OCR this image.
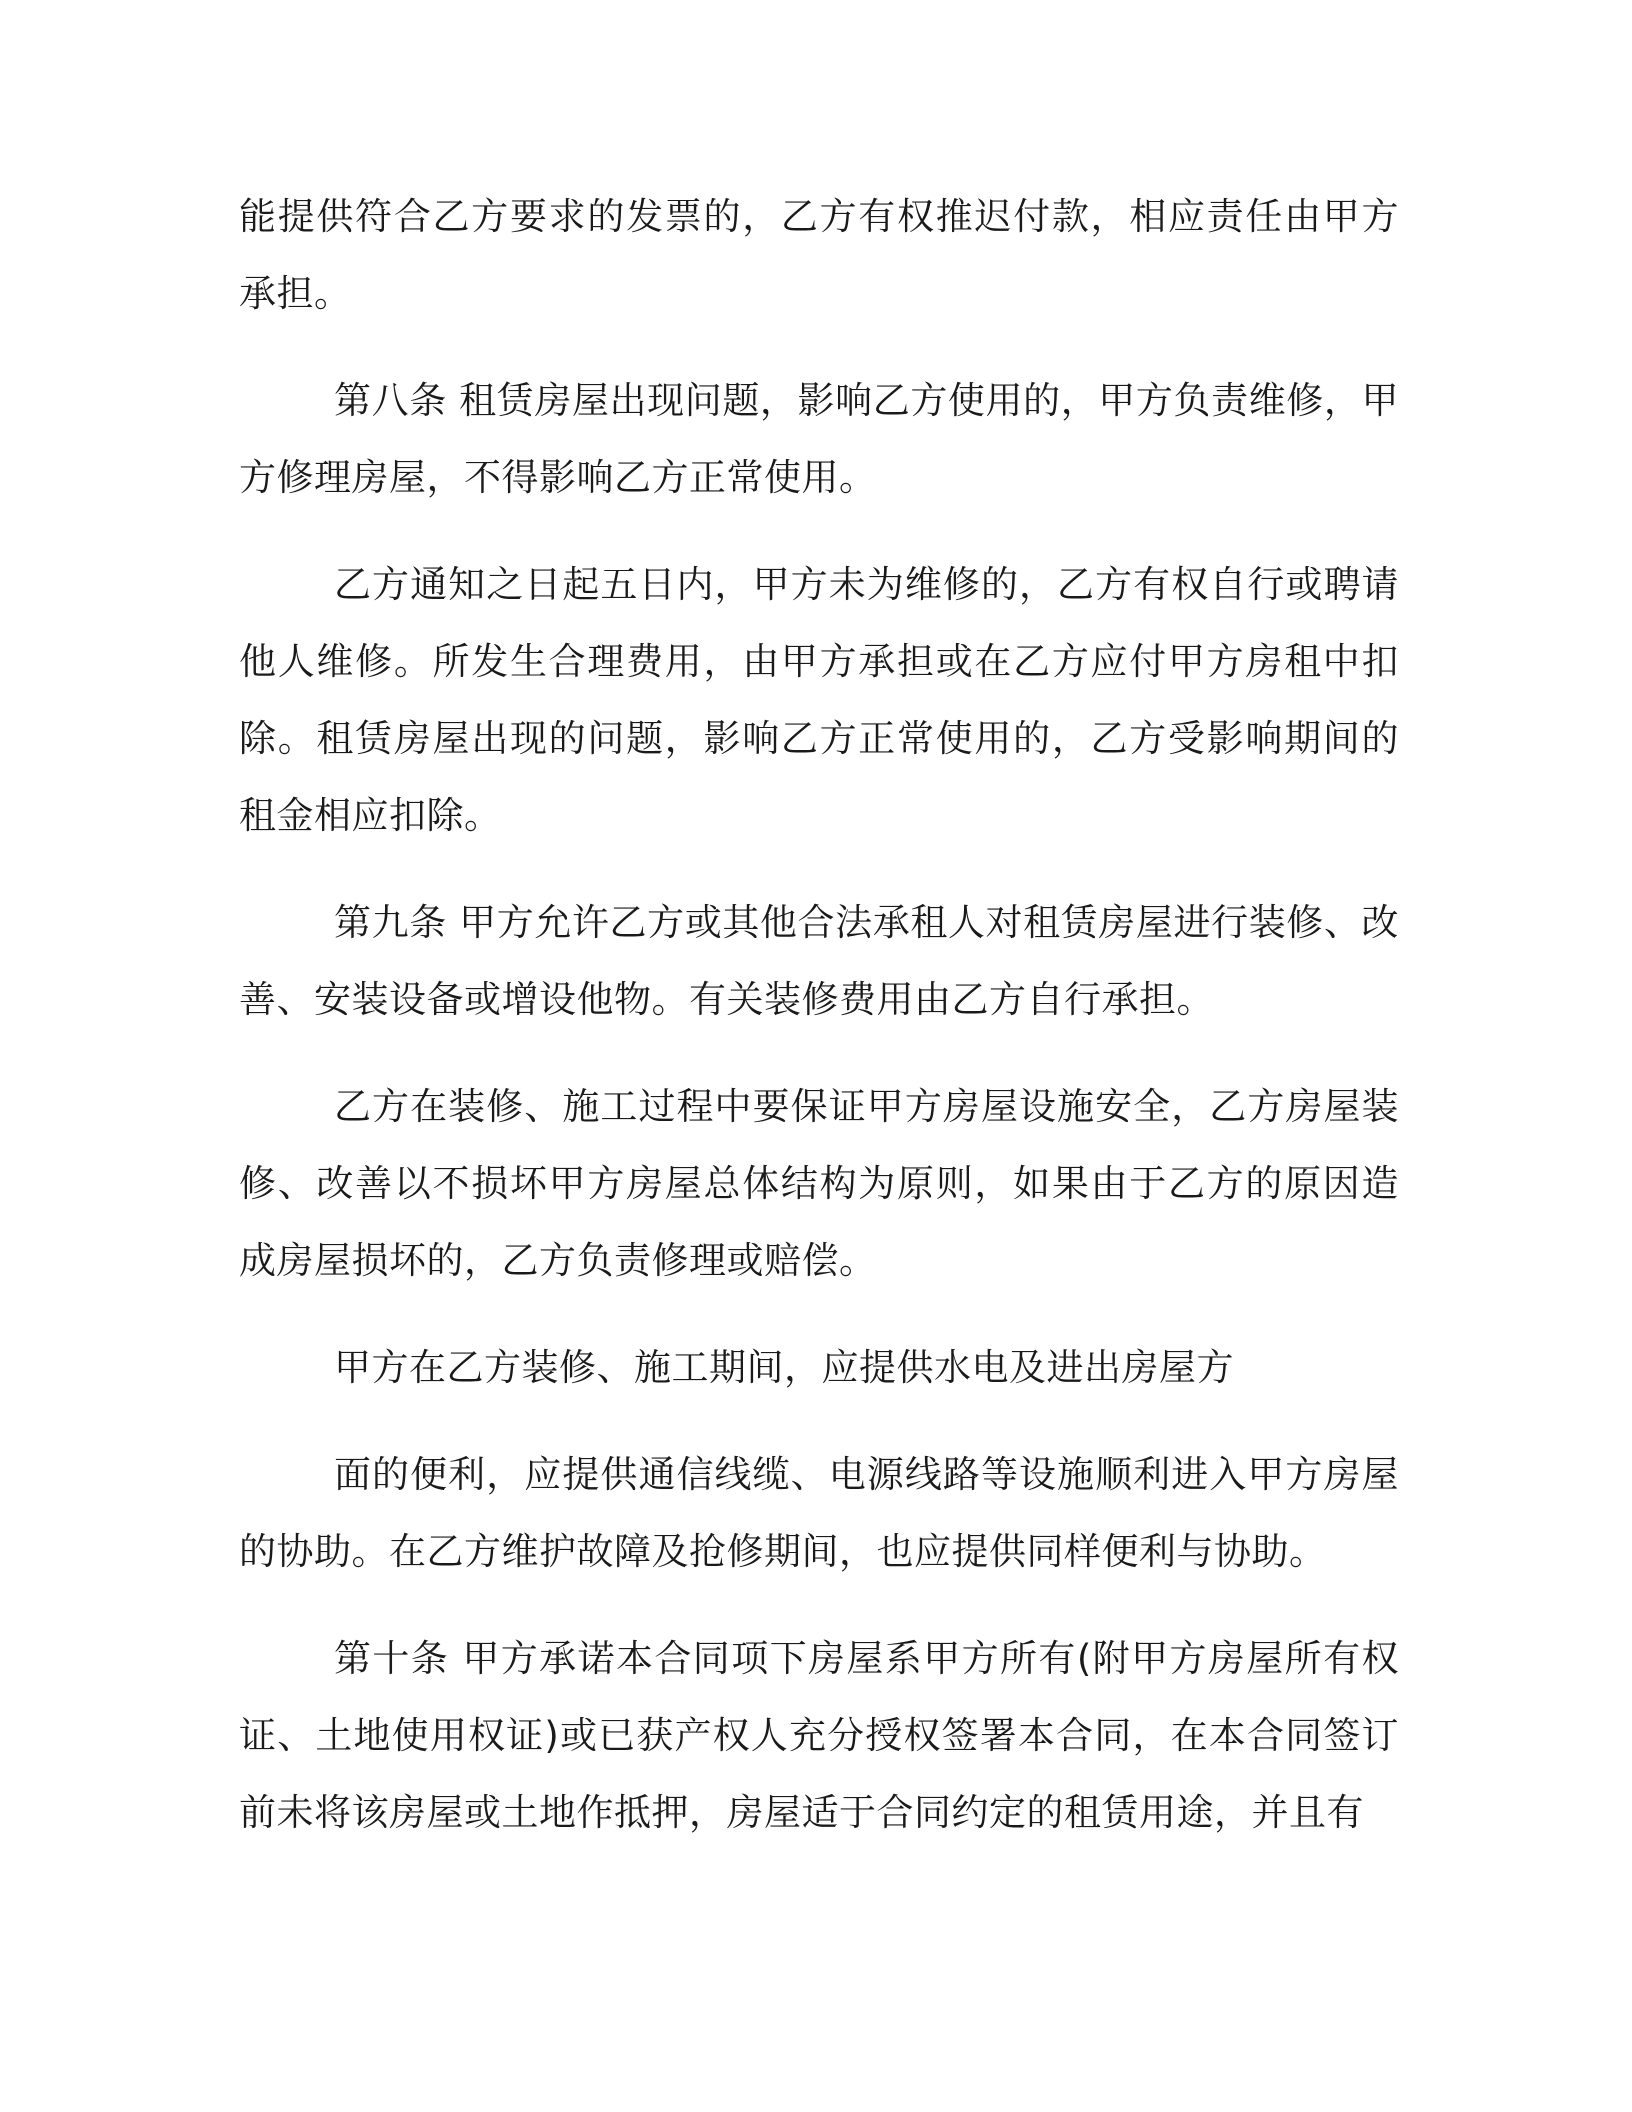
能提供符合乙方要求的发票的，乙方有权推迟付款，相应责任由甲方承担。

第八条 租赁房屋出现问题，影响乙方使用的，甲方负责维修，甲方修理房屋，不得影响乙方正常使用。

乙方通知之日起五日内，甲方未为维修的，乙方有权自行或聘请他人维修。所发生合理费用，由甲方承担或在乙方应付甲方房租中扣除。租赁房屋出现的问题，影响乙方正常使用的，乙方受影响期间的租金相应扣除。

第九条 甲方允许乙方或其他合法承租人对租赁房屋进行装修、改善、安装设备或增设他物。有关装修费用由乙方自行承担。

乙方在装修、施工过程中要保证甲方房屋设施安全，乙方房屋装修、改善以不损坏甲方房屋总体结构为原则，如果由于乙方的原因造成房屋损坏的，乙方负责修理或赔偿。

甲方在乙方装修、施工期间，应提供水电及进出房屋方

面的便利，应提供通信线缆、电源线路等设施顺利进入甲方房屋的协助。在乙方维护故障及抢修期间，也应提供同样便利与协助。

第十条 甲方承诺本合同项下房屋系甲方所有(附甲方房屋所有权证、土地使用权证)或已获产权人充分授权签署本合同，在本合同签订前未将该房屋或土地作抵押，房屋适于合同约定的租赁用途，并且有
